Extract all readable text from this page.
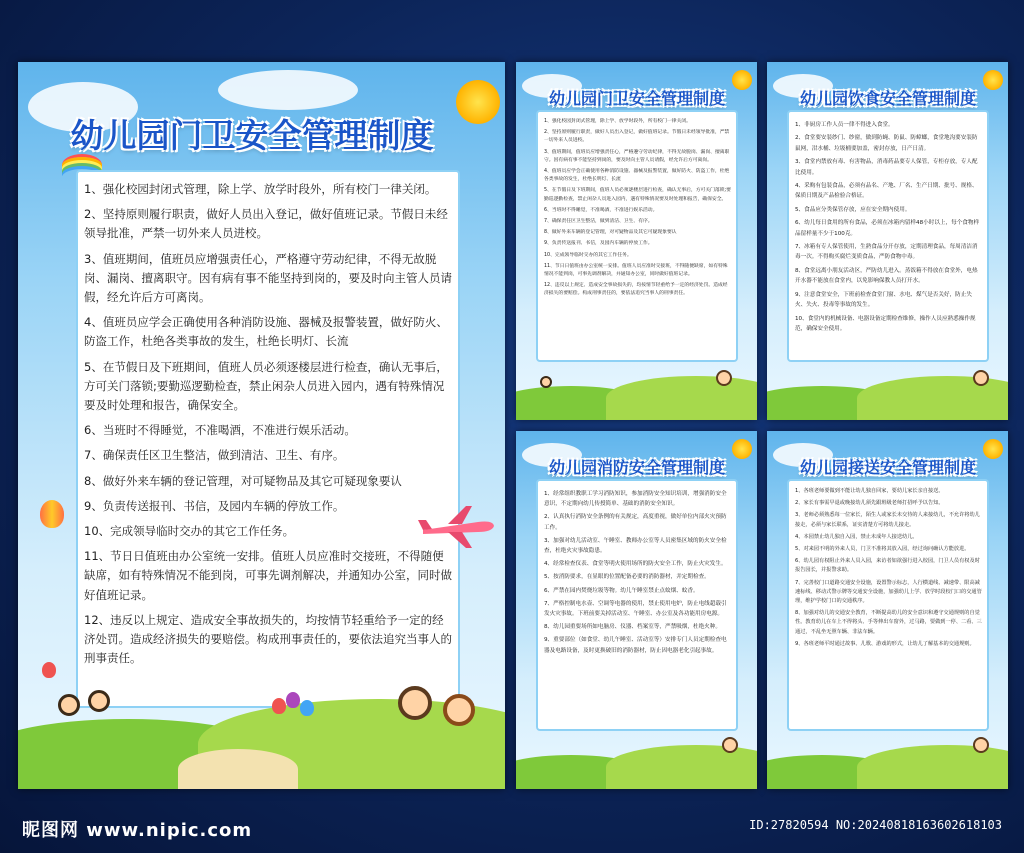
幼儿园门卫安全管理制度
1、强化校园封闭式管理，除上学、放学时段外，所有校门一律关闭。
2、坚持原则履行职责，做好人员出入登记，做好值班记录。节假日未经领导批准，严禁一切外来人员进校。
3、值班期间，值班员应增强责任心，严格遵守劳动纪律，不得无故脱岗、漏岗、擅离职守。因有病有事不能坚持到岗的，要及时向主管人员请假，经允许后方可离岗。
4、值班员应学会正确使用各种消防设施、器械及报警装置，做好防火、防盗工作，杜绝各类事故的发生，杜绝长明灯、长流
5、在节假日及下班期间，值班人员必须逐楼层进行检查，确认无事后，方可关门落锁;要勤巡逻勤检查，禁止闲杂人员进入园内，遇有特殊情况要及时处理和报告，确保安全。
6、当班时不得睡觉，不准喝酒，不准进行娱乐活动。
7、确保责任区卫生整洁，做到清洁、卫生、有序。
8、做好外来车辆的登记管理，对可疑物品及其它可疑现象要认
9、负责传送报刊、书信，及园内车辆的停放工作。
10、完成领导临时交办的其它工作任务。
11、节日日值班由办公室统一安排。值班人员应准时交接班，不得随便缺席，如有特殊情况不能到岗，可事先调剂解决，并通知办公室，同时做好值班记录。
12、违反以上规定、造成安全事故损失的，均按情节轻重给予一定的经济处罚。造成经济损失的要赔偿。构成刑事责任的，要依法追究当事人的刑事责任。
幼儿园门卫安全管理制度
1、强化校园封闭式管理，除上学、放学时段外，所有校门一律关闭。
2、坚持原则履行职责，做好人员出入登记，做好值班记录。节假日未经领导批准，严禁一切外来人员进校。
3、值班期间，值班员应增强责任心，严格遵守劳动纪律，不得无故脱岗、漏岗、擅离职守。因有病有事不能坚持到岗的，要及时向主管人员请假，经允许后方可离岗。
4、值班员应学会正确使用各种消防设施、器械及报警装置，做好防火、防盗工作，杜绝各类事故的发生，杜绝长明灯、长流
5、在节假日及下班期间，值班人员必须逐楼层进行检查，确认无事后，方可关门落锁;要勤巡逻勤检查，禁止闲杂人员进入园内，遇有特殊情况要及时处理和报告，确保安全。
6、当班时不得睡觉，不准喝酒，不准进行娱乐活动。
7、确保责任区卫生整洁，做到清洁、卫生、有序。
8、做好外来车辆的登记管理，对可疑物品及其它可疑现象要认
9、负责传送报刊、书信，及园内车辆的停放工作。
10、完成领导临时交办的其它工作任务。
11、节日日值班由办公室统一安排。值班人员应准时交接班，不得随便缺席，如有特殊情况不能到岗，可事先调剂解决，并通知办公室，同时做好值班记录。
12、违反以上规定、造成安全事故损失的，均按情节轻重给予一定的经济处罚。造成经济损失的要赔偿。构成刑事责任的，要依法追究当事人的刑事责任。
幼儿园饮食安全管理制度
1、非厨房工作人员一律不得进入食堂。
2、食堂要安装纱门、纱窗，做到防蝇、防鼠、防蟑螂，食堂地沟要安装防鼠网，泔水桶、垃圾桶要加盖，密封存放，日产日清。
3、食堂内禁放有毒、有害物品，消毒药品要专人保管，专柜存放，专人配比使用。
4、采购有包装食品，必须有品名、产地、厂名、生产日期、批号、规格、保质日期及产品检验合格证。
5、食品应分类保管存放，应在安全期内使用。
6、幼儿每日食用的所有食品，必须在冰箱内留样48小时以上，每个食物样品留样量不少于100克。
7、冰箱有专人保管使用，生熟食品分开存放，定期清理食品，每周清洁消毒一次。不得购买腐烂变质食品，严防食物中毒。
8、食堂远离小朋友活动区，严防幼儿进入。蒸饭箱不得放在食堂外，电热开水器不能放在食堂内，以免影响保教人员打开水。
9、注意食堂安全，下班前检查食堂门窗、水电、煤气是否关好，防止失火、失火、投毒等事故的发生。
10、食堂内的机械设备、电器设备定期检查维修，操作人员应熟悉操作规范，确保安全使用。
幼儿园消防安全管理制度
1、经常组织教职工学习消防知识，参加消防安全知识培训，增强消防安全意识，不定期向幼儿传授简单、基础的消防安全知识。
2、认真执行消防安全条例的有关规定，高度重视，做好单位内部火灾预防工作。
3、加强对幼儿活动室、午睡室、教师办公室等人员密集区域的防火安全检查，杜绝火灾事故隐患。
4、经常检查仪表、食堂等明火使用场所的防火安全工作，防止火灾发生。
5、按消防要求，在显眼的位置配备必要的消防器材，并定期检查。
6、严禁在园内焚烧垃圾等物。幼儿午睡室禁止点蚊烟、蚊香。
7、严格控制电水壶、空调等电器的使用，禁止使用电炉，防止电线超载引发火灾事故。下班前要关掉活动室、午睡室、办公室及各功能用房电源。
8、幼儿园重要场所如电脑房、仪器、档案室等，严禁吸烟，杜绝火种。
9、重要部位（如食堂、幼儿午睡室、活动室等）安排专门人员定期检查电器及电路设备，及时更换破旧的消防器材，防止因电器老化引起事故。
幼儿园接送安全管理制度
1、各班老师要做到不能让幼儿独自回家，要幼儿家长亲自接送。
2、家长有事需早退或晚接幼儿须先跟班级老师打招呼予以告知。
3、老师必须熟悉每一位家长，陌生人或家长未交待的人来接幼儿，不允许将幼儿接走，必须与家长联系，证实清楚方可将幼儿接走。
4、本园禁止幼儿独自入园，禁止未成年人接送幼儿。
5、对来园不明的外来人员，门卫不准将其放入园，经过询问确认方能放进。
6、幼儿园有权阻止外来人员入园，来访者如欲强行进入校园，门卫人员有权及时报告园长，并报警求助。
7、完善校门口道路交通安全设施，设置警示标志，人行横道线、减速带、限高减速标线、移动式警示牌等交通安全设施，加强幼儿上学、放学时段校门口的交通管理，维护学校门口的交通秩序。
8、加强对幼儿的交通安全教育，不断提高幼儿的安全意识和遵守交通规则的自觉性。教育幼儿在车上不得将头、手等伸出车窗外，过马路，要做到一停、二看、三通过，不乱坐无照车辆、非法车辆。
9、各班老师平时通过故事、儿歌、游戏的形式，让幼儿了解基本的交通规则。
昵图网 www.nipic.com	ID:27820594 NO:20240818163602618103
